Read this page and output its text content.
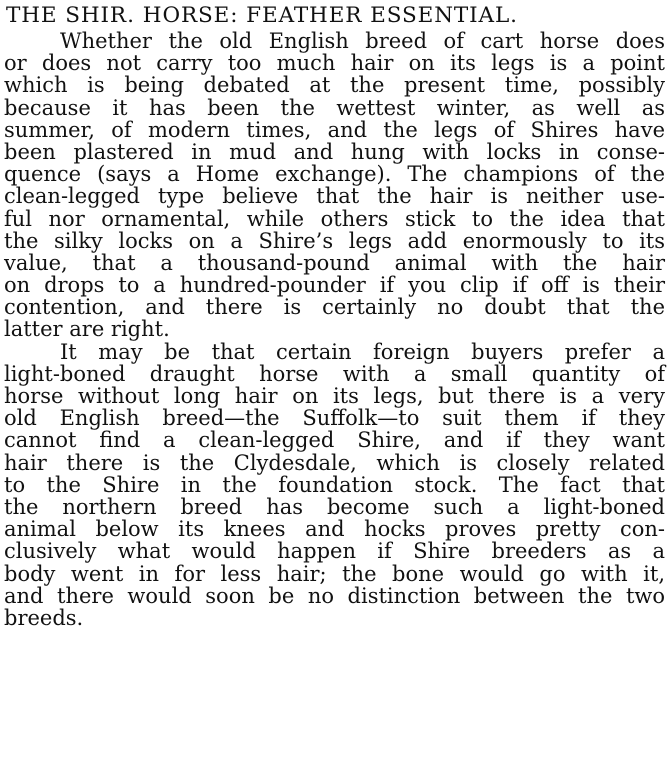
THE SHIR․ HORSE: FEATHER ESSENTIAL.
Whether the old English breed of cart horse does
or does not carry too much hair on its legs is a point
which is being debated at the present time, possibly
because it has been the wettest winter, as well as
summer, of modern times, and the legs of Shires have
been plastered in mud and hung with locks in conse-
quence (says a Home exchange). The champions of the
clean-legged type believe that the hair is neither use-
ful nor ornamental, while others stick to the idea that
the silky locks on a Shire’s legs add enormously to its
value, that a thousand-pound animal with the hair
on drops to a hundred-pounder if you clip if off is their
contention, and there is certainly no doubt that the
latter are right.
It may be that certain foreign buyers prefer a
light-boned draught horse with a small quantity of
horse without long hair on its legs, but there is a very
old English breed—the Suffolk—to suit them if they
cannot find a clean-legged Shire, and if they want
hair there is the Clydesdale, which is closely related
to the Shire in the foundation stock. The fact that
the northern breed has become such a light-boned
animal below its knees and hocks proves pretty con-
clusively what would happen if Shire breeders as a
body went in for less hair; the bone would go with it,
and there would soon be no distinction between the two
breeds.
